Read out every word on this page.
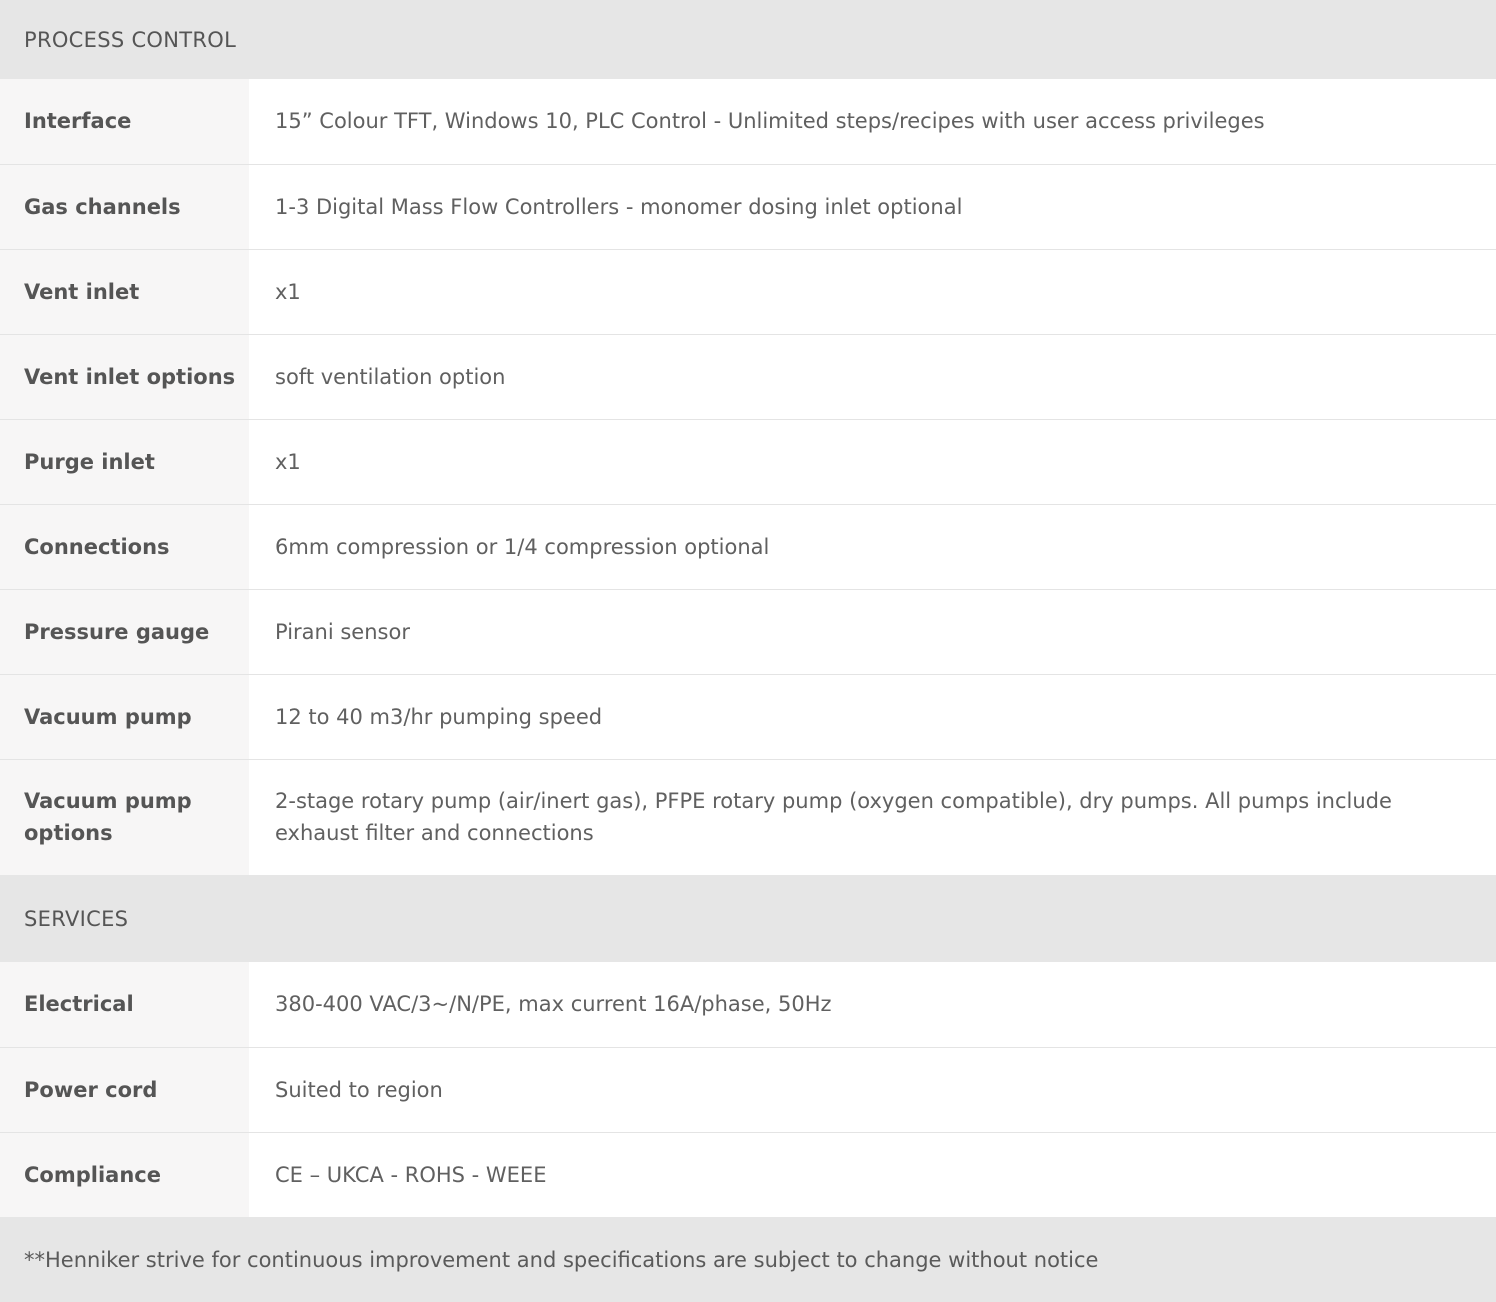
PROCESS CONTROL	
Interface	15” Colour TFT, Windows 10, PLC Control - Unlimited steps/recipes with user access privileges
Gas channels	1-3 Digital Mass Flow Controllers - monomer dosing inlet optional
Vent inlet	x1
Vent inlet options	soft ventilation option
Purge inlet	x1
Connections	6mm compression or 1/4 compression optional
Pressure gauge	Pirani sensor
Vacuum pump	12 to 40 m3/hr pumping speed
Vacuum pump options	2-stage rotary pump (air/inert gas), PFPE rotary pump (oxygen compatible), dry pumps. All pumps include exhaust filter and connections
SERVICES	
Electrical	380-400 VAC/3~/N/PE, max current 16A/phase, 50Hz
Power cord	Suited to region
Compliance	CE – UKCA - ROHS - WEEE
**Henniker strive for continuous improvement and specifications are subject to change without notice	
